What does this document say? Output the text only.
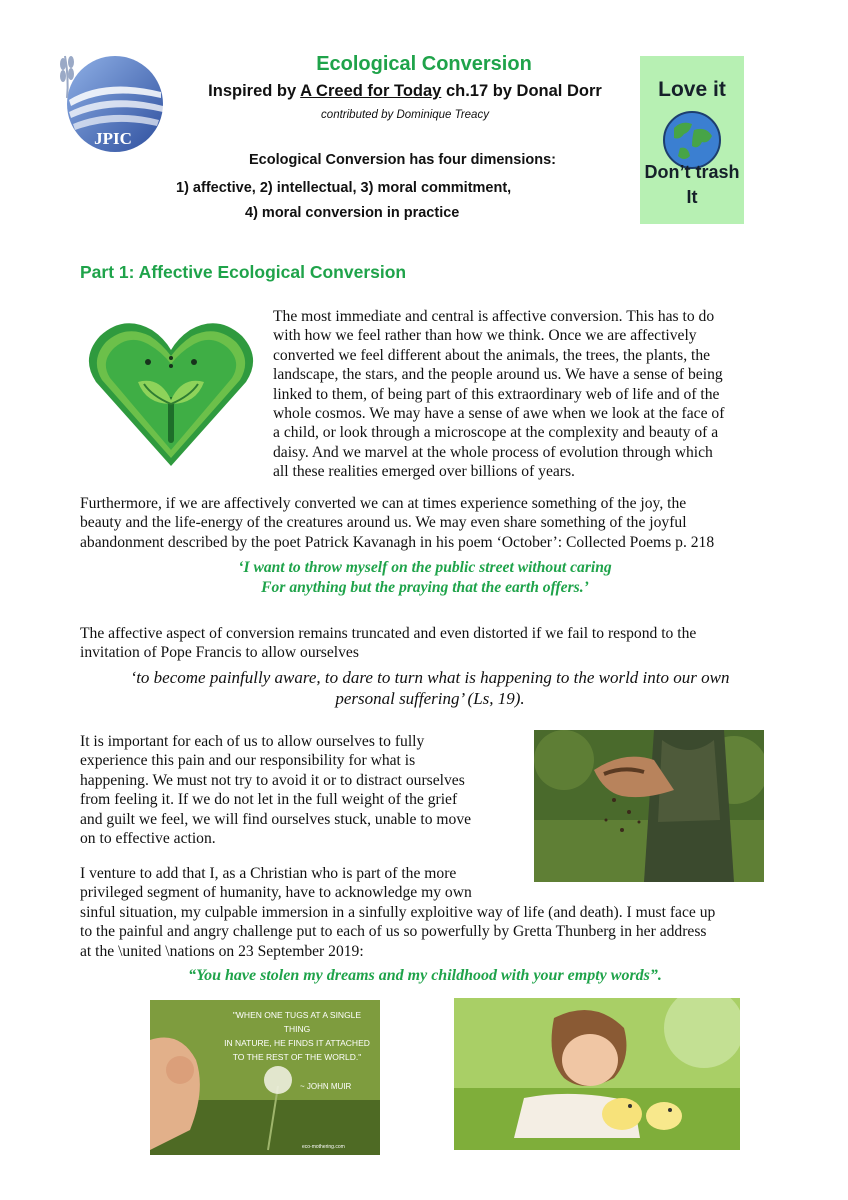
JPIC
Ecological Conversion
Inspired by A Creed for Today ch.17 by Donal Dorr
contributed by Dominique Treacy
Ecological Conversion has four dimensions:
1) affective, 2) intellectual, 3) moral commitment,
4) moral conversion in practice
Love it
Don’t trash
It
Part 1: Affective Ecological Conversion
The most immediate and central is affective conversion. This has to do
with how we feel rather than how we think. Once we are affectively
converted we feel different about the animals, the trees, the plants, the
landscape, the stars, and the people around us. We have a sense of being
linked to them, of being part of this extraordinary web of life and of the
whole cosmos. We may have a sense of awe when we look at the face of
a child, or look through a microscope at the complexity and beauty of a
daisy. And we marvel at the whole process of evolution through which
all these realities emerged over billions of years.
Furthermore, if we are affectively converted we can at times experience something of the joy, the
beauty and the life-energy of the creatures around us. We may even share something of the joyful
abandonment described by the poet Patrick Kavanagh in his poem ‘October’: Collected Poems p. 218
‘I want to throw myself on the public street without caring
For anything but the praying that the earth offers.’
The affective aspect of conversion remains truncated and even distorted if we fail to respond to the
invitation of Pope Francis to allow ourselves
‘to become painfully aware, to dare to turn what is happening to the world into our own
personal suffering’ (Ls, 19).
It is important for each of us to allow ourselves to fully
experience this pain and our responsibility for what is
happening. We must not try to avoid it or to distract ourselves
from feeling it. If we do not let in the full weight of the grief
and guilt we feel, we will find ourselves stuck, unable to move
on to effective action.
I venture to add that I, as a Christian who is part of the more
privileged segment of humanity, have to acknowledge my own
sinful situation, my culpable immersion in a sinfully exploitive way of life (and death). I must face up
to the painful and angry challenge put to each of us so powerfully by Gretta Thunberg in her address
at the \united \nations on 23 September 2019:
“You have stolen my dreams and my childhood with your empty words”.
"WHEN ONE TUGS AT A SINGLE THING
IN NATURE, HE FINDS IT ATTACHED
TO THE REST OF THE WORLD."
~ JOHN MUIR
eco-mothering.com
